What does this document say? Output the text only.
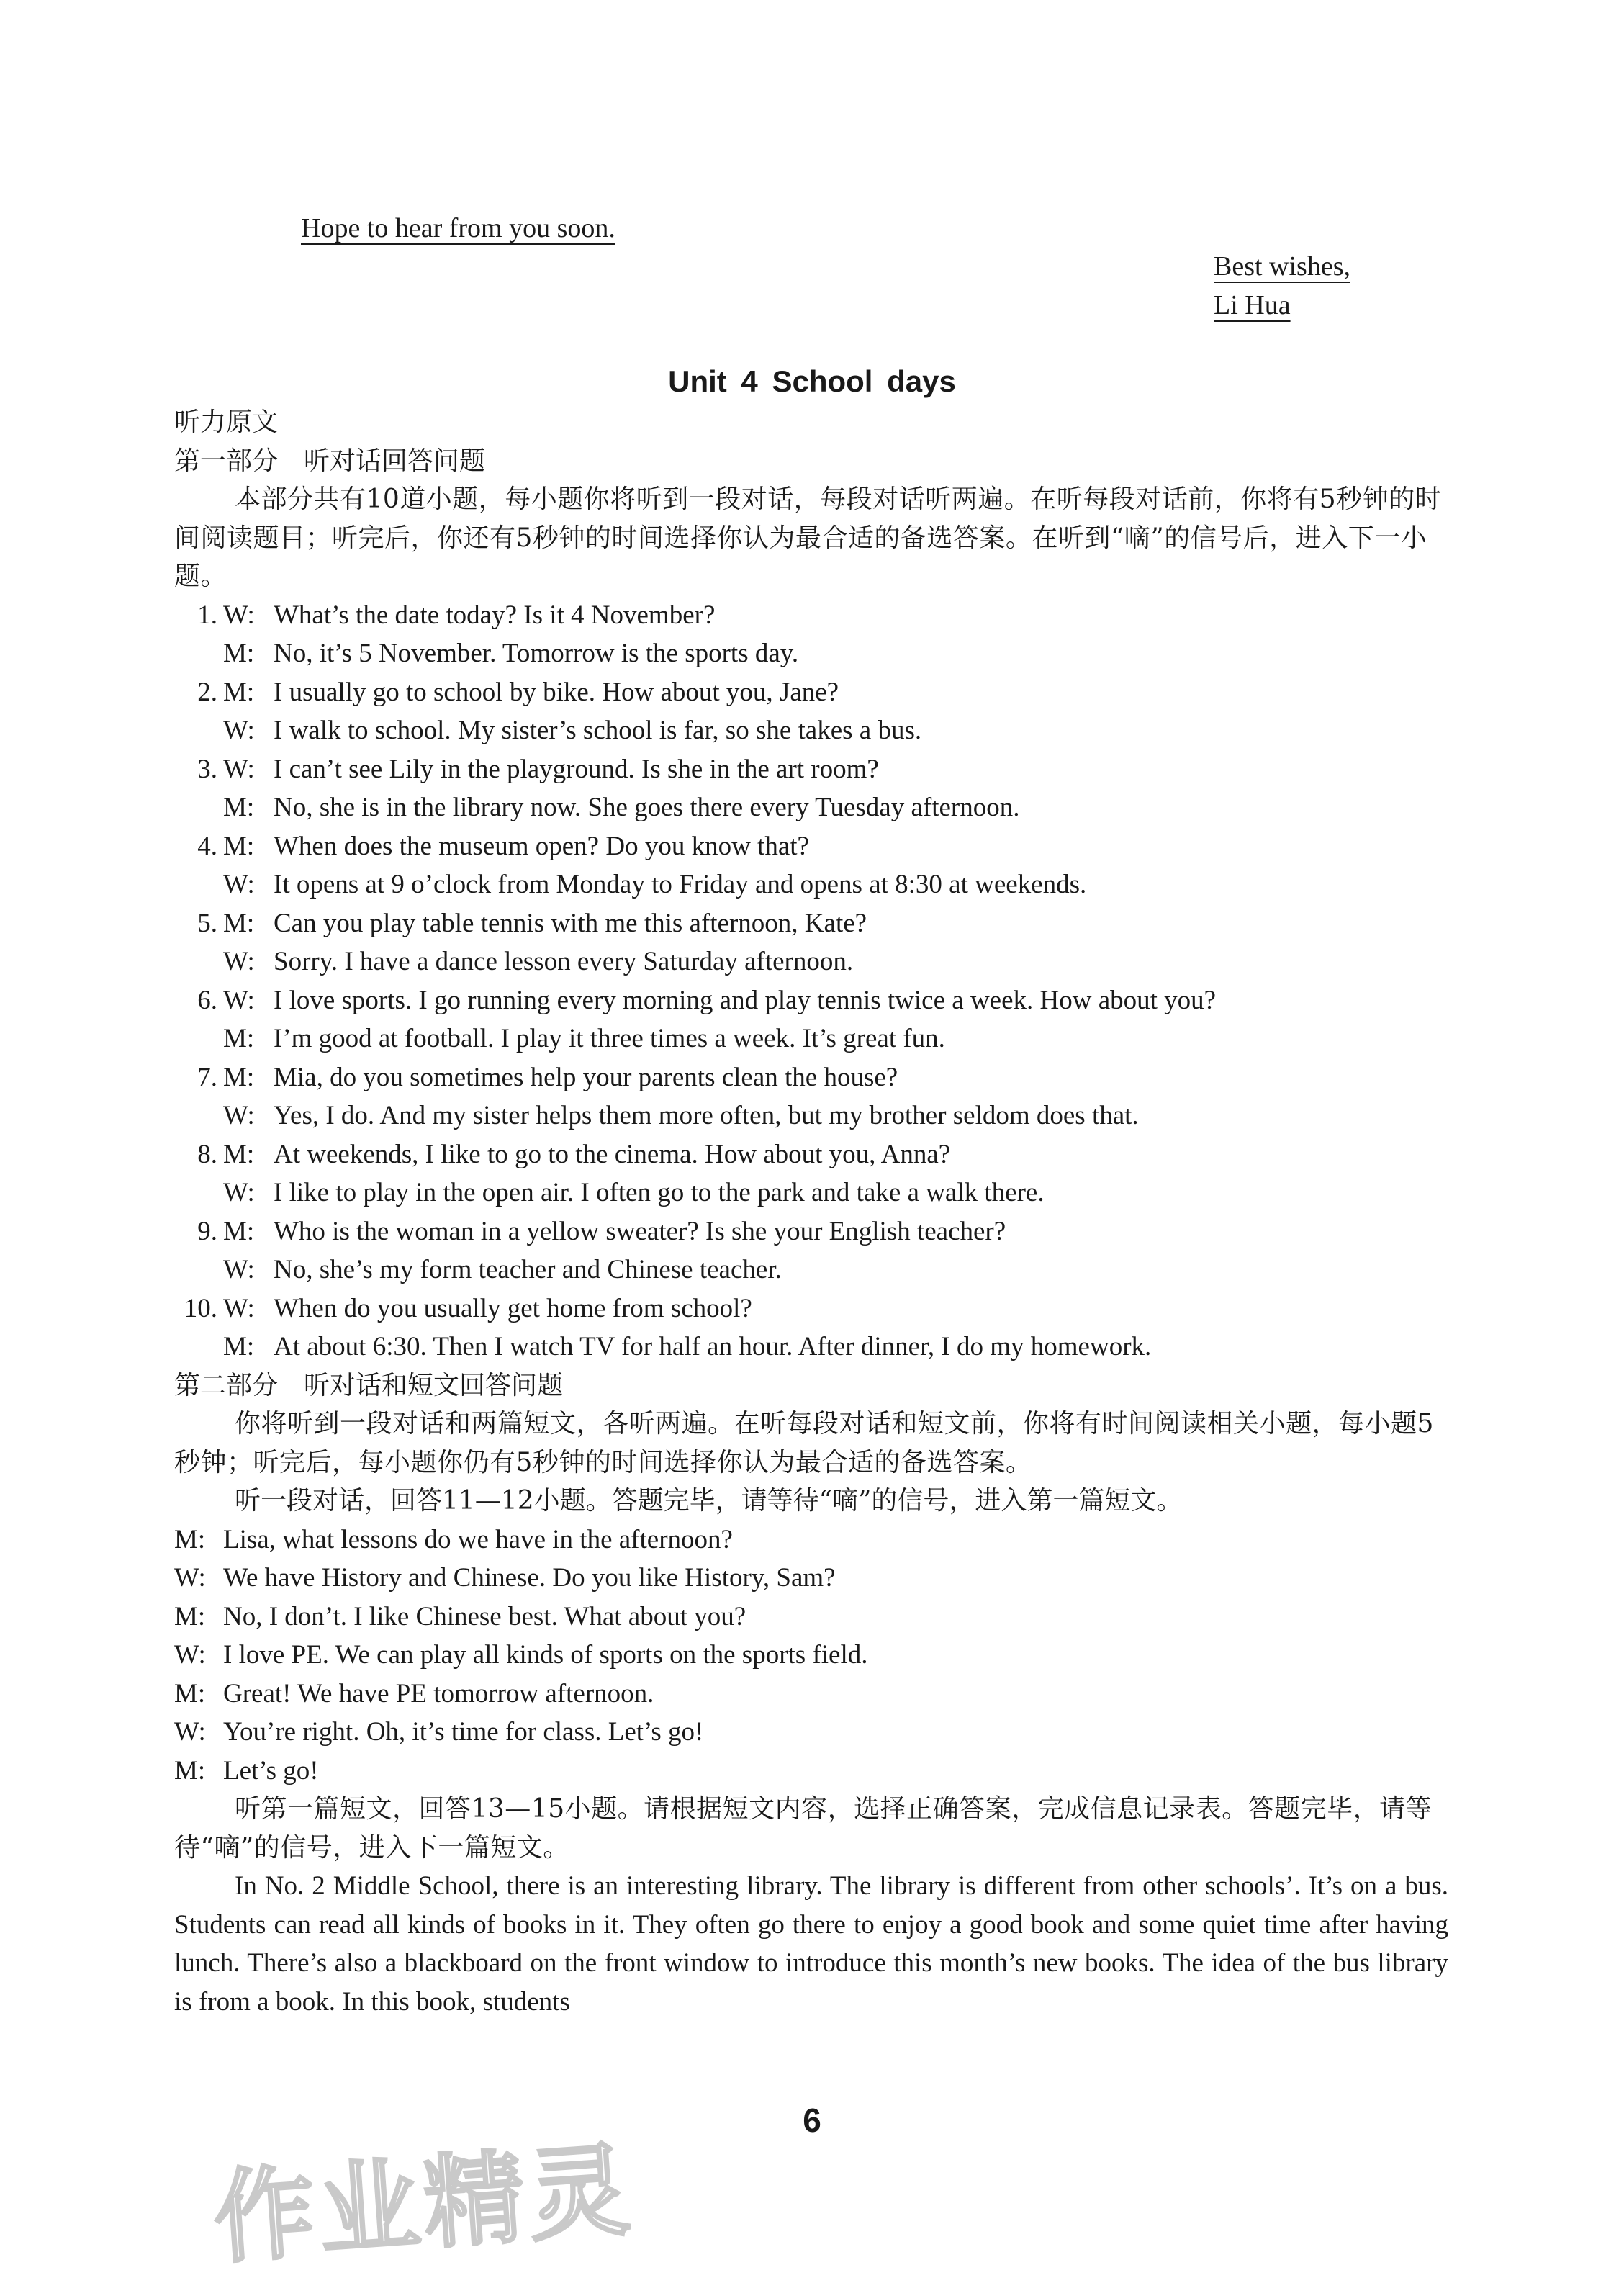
Hope to hear from you soon.
Best wishes,
Li Hua
Unit 4 School days
听力原文
第一部分　听对话回答问题
本部分共有10道小题，每小题你将听到一段对话，每段对话听两遍。在听每段对话前，你将有5秒钟的时间阅读题目；听完后，你还有5秒钟的时间选择你认为最合适的备选答案。在听到“嘀”的信号后，进入下一小题。
1. W: What’s the date today? Is it 4 November?
M: No, it’s 5 November. Tomorrow is the sports day.
2. M: I usually go to school by bike. How about you, Jane?
W: I walk to school. My sister’s school is far, so she takes a bus.
3. W: I can’t see Lily in the playground. Is she in the art room?
M: No, she is in the library now. She goes there every Tuesday afternoon.
4. M: When does the museum open? Do you know that?
W: It opens at 9 o’clock from Monday to Friday and opens at 8:30 at weekends.
5. M: Can you play table tennis with me this afternoon, Kate?
W: Sorry. I have a dance lesson every Saturday afternoon.
6. W: I love sports. I go running every morning and play tennis twice a week. How about you?
M: I’m good at football. I play it three times a week. It’s great fun.
7. M: Mia, do you sometimes help your parents clean the house?
W: Yes, I do. And my sister helps them more often, but my brother seldom does that.
8. M: At weekends, I like to go to the cinema. How about you, Anna?
W: I like to play in the open air. I often go to the park and take a walk there.
9. M: Who is the woman in a yellow sweater? Is she your English teacher?
W: No, she’s my form teacher and Chinese teacher.
10. W: When do you usually get home from school?
M: At about 6:30. Then I watch TV for half an hour. After dinner, I do my homework.
第二部分　听对话和短文回答问题
你将听到一段对话和两篇短文，各听两遍。在听每段对话和短文前，你将有时间阅读相关小题，每小题5秒钟；听完后，每小题你仍有5秒钟的时间选择你认为最合适的备选答案。
听一段对话，回答11—12小题。答题完毕，请等待“嘀”的信号，进入第一篇短文。
M: Lisa, what lessons do we have in the afternoon?
W: We have History and Chinese. Do you like History, Sam?
M: No, I don’t. I like Chinese best. What about you?
W: I love PE. We can play all kinds of sports on the sports field.
M: Great! We have PE tomorrow afternoon.
W: You’re right. Oh, it’s time for class. Let’s go!
M: Let’s go!
听第一篇短文，回答13—15小题。请根据短文内容，选择正确答案，完成信息记录表。答题完毕，请等待“嘀”的信号，进入下一篇短文。
In No. 2 Middle School, there is an interesting library. The library is different from other schools’. It’s on a bus. Students can read all kinds of books in it. They often go there to enjoy a good book and some quiet time after having lunch. There’s also a blackboard on the front window to introduce this month’s new books. The idea of the bus library is from a book. In this book, students
6
作业精灵
